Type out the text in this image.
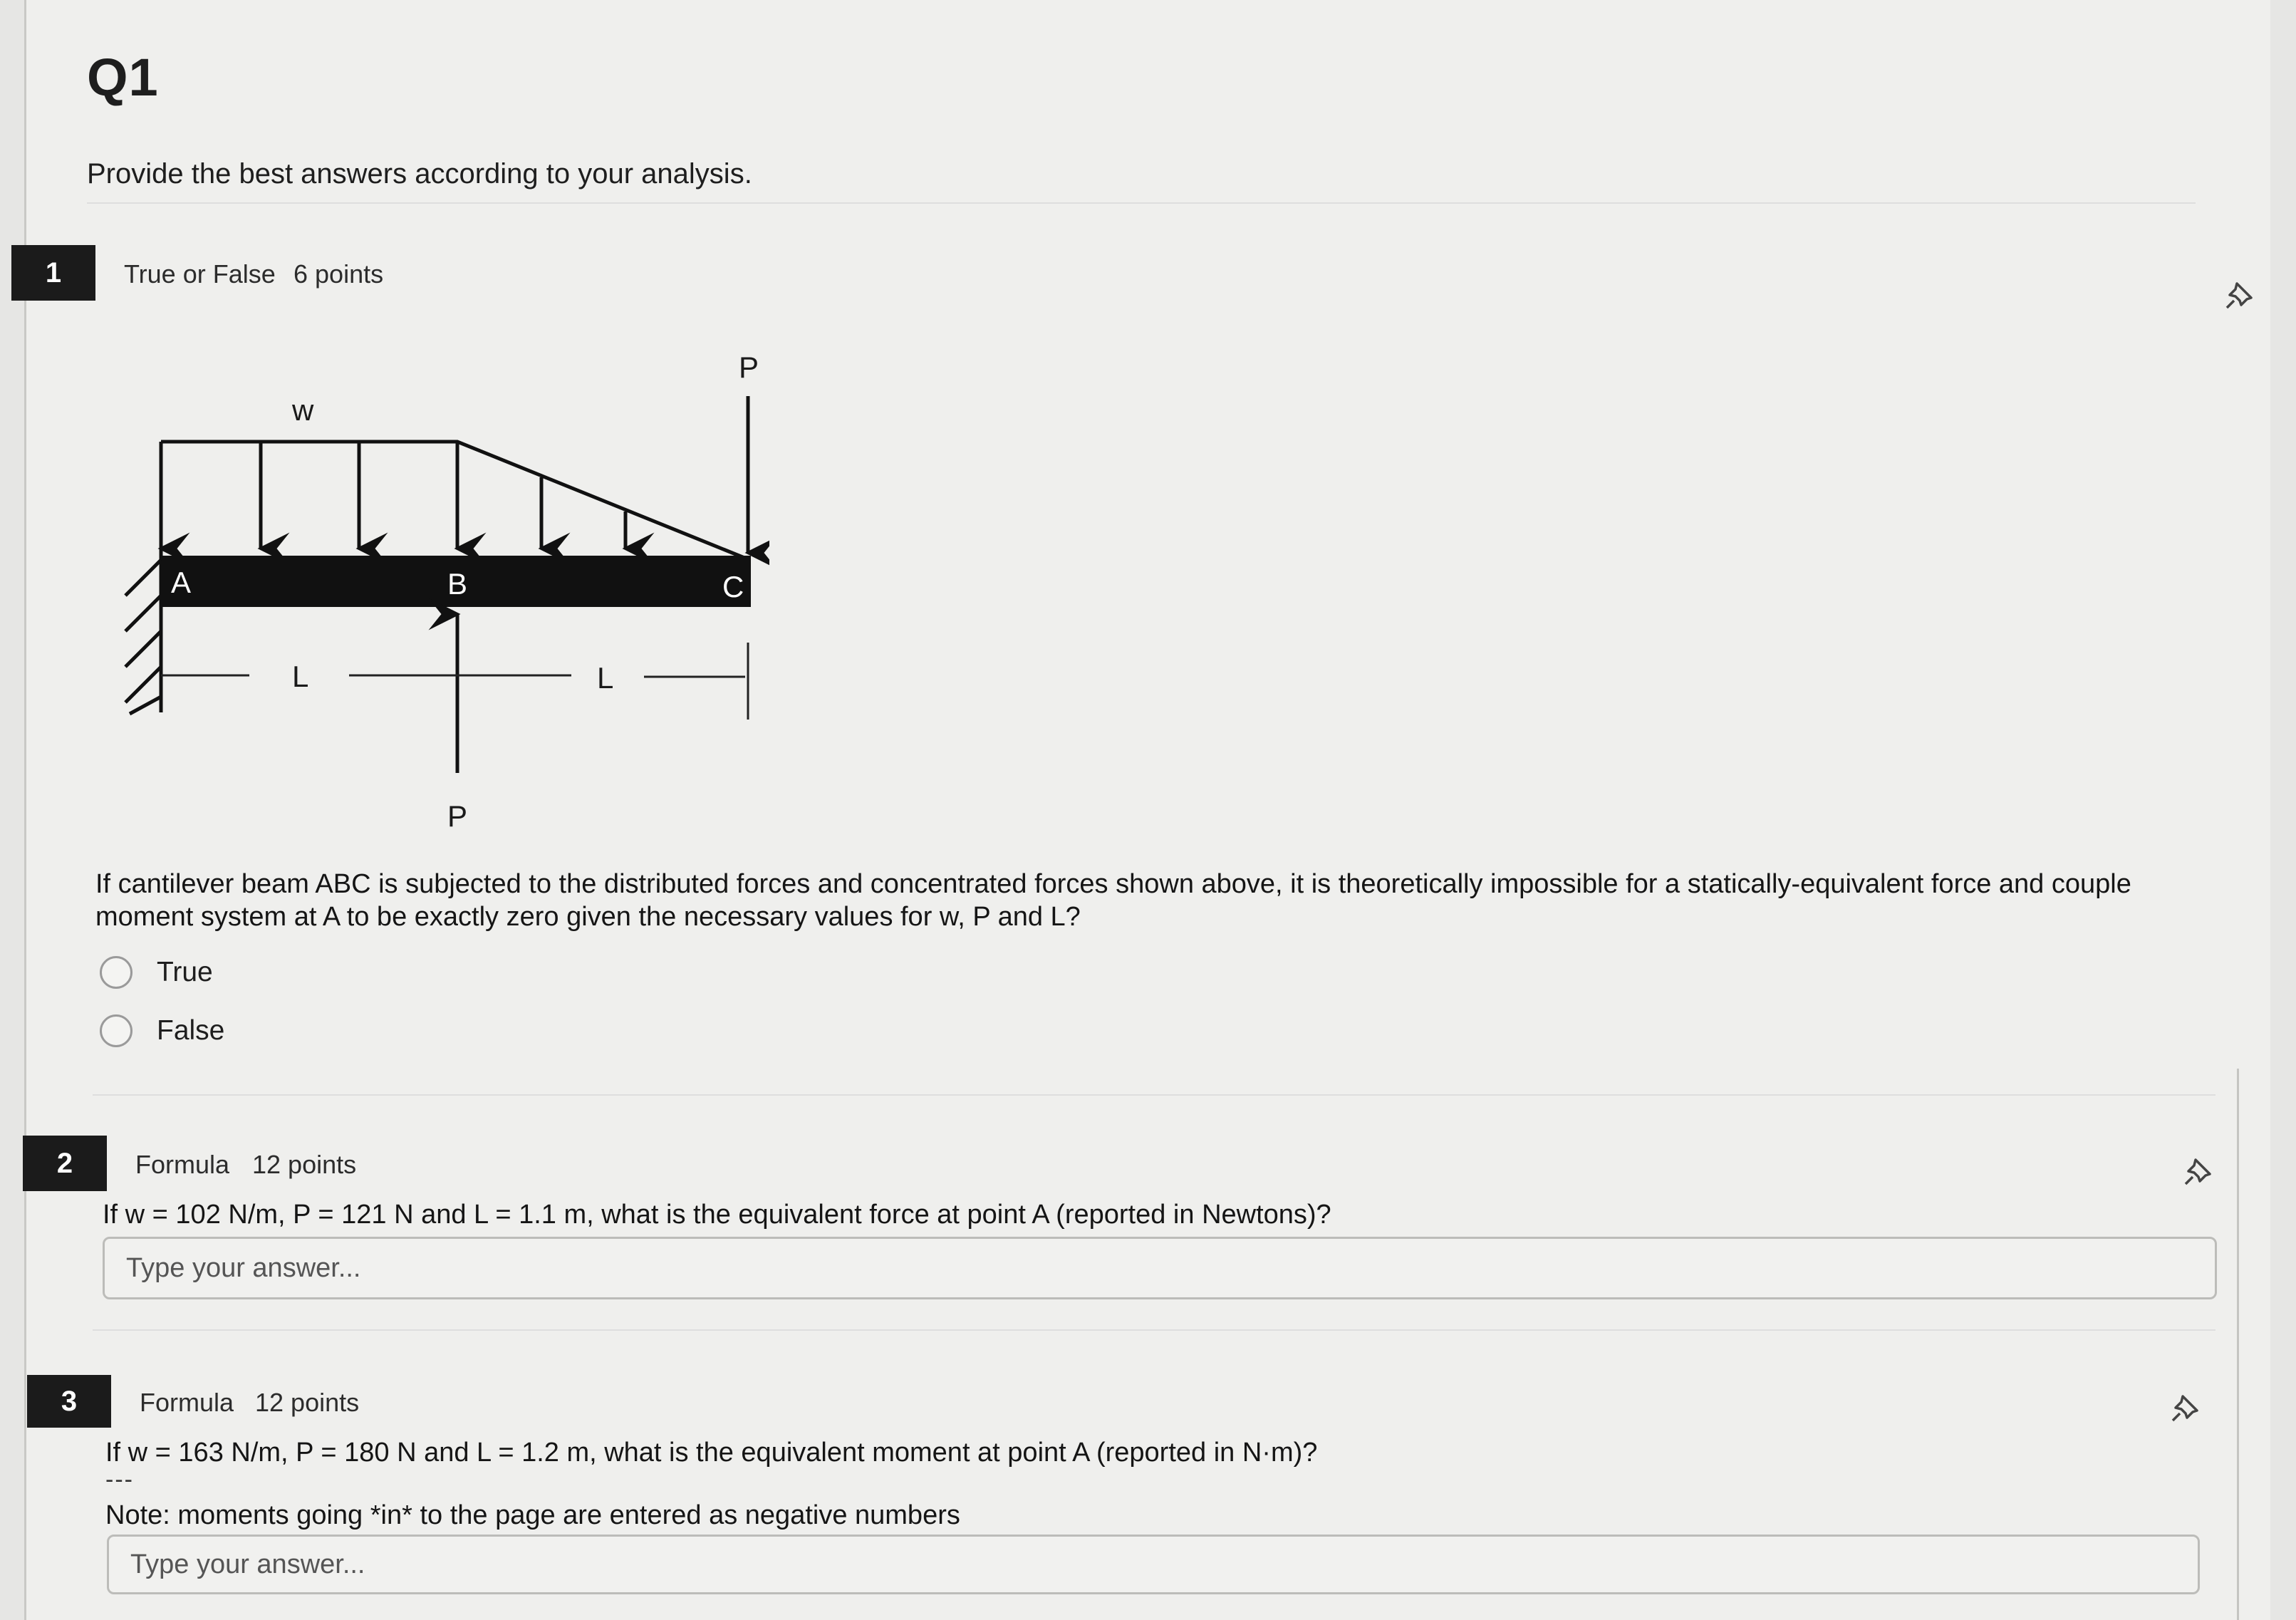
Q1
Provide the best answers according to your analysis.
1	True or False 6 points
P
w
A	B	C
P
L	L
If cantilever beam ABC is subjected to the distributed forces and concentrated forces shown above, it is theoretically impossible for a statically-equivalent force and couple moment system at A to be exactly zero given the necessary values for w, P and L?
True
False
2	Formula 12 points
If w = 102 N/m, P = 121 N and L = 1.1 m, what is the equivalent force at point A (reported in Newtons)?
Type your answer...
3	Formula 12 points
If w = 163 N/m, P = 180 N and L = 1.2 m, what is the equivalent moment at point A (reported in N·m)?
---
Note: moments going *in* to the page are entered as negative numbers
Type your answer...
